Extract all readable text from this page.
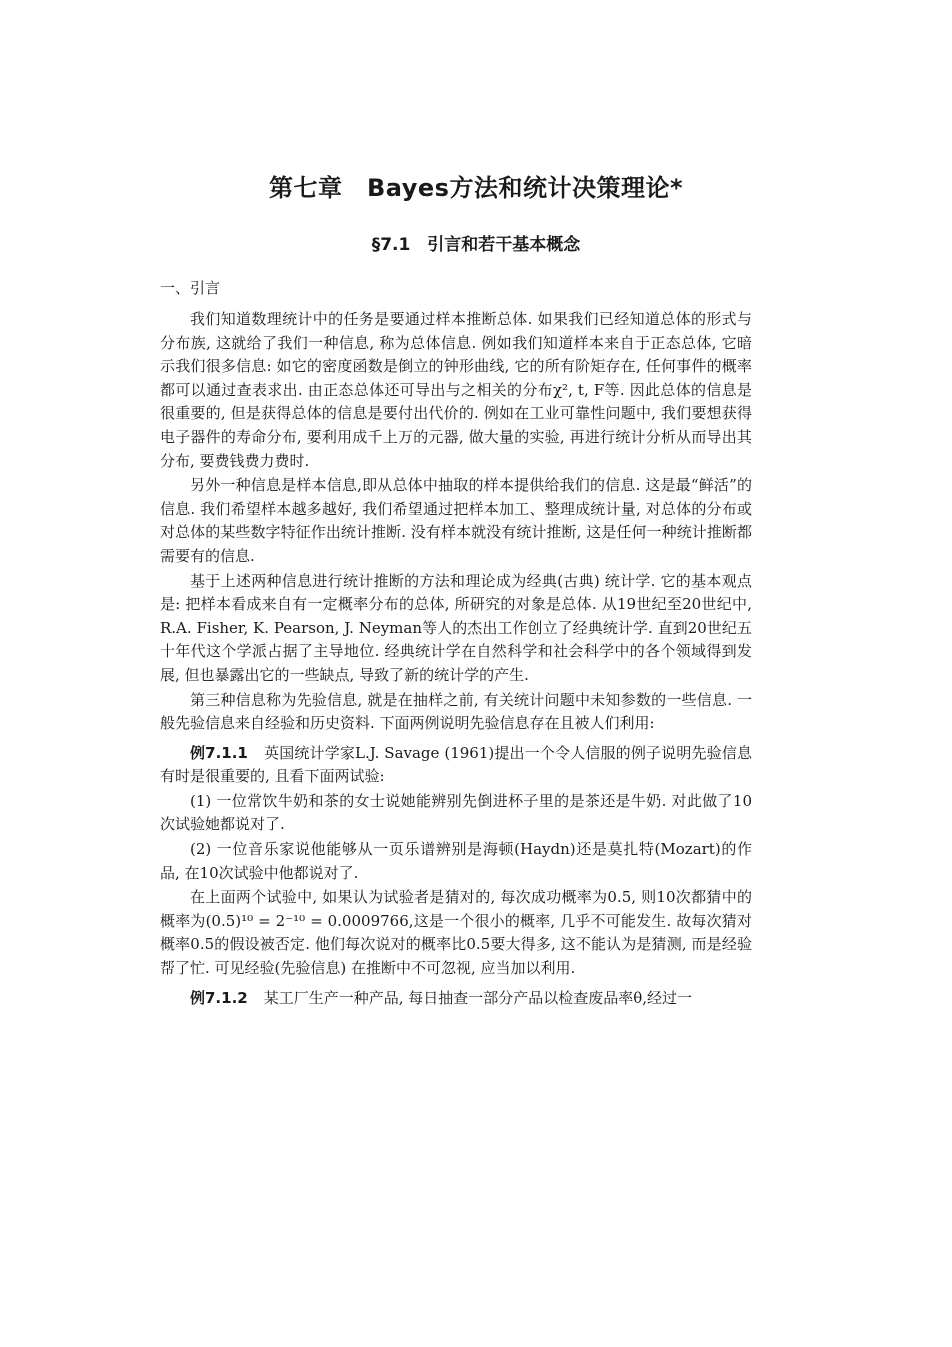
第七章　Bayes方法和统计决策理论*
§7.1　引言和若干基本概念
一、引言

我们知道数理统计中的任务是要通过样本推断总体. 如果我们已经知道总体的形式与分布族, 这就给了我们一种信息, 称为总体信息. 例如我们知道样本来自于正态总体, 它暗示我们很多信息: 如它的密度函数是倒立的钟形曲线, 它的所有阶矩存在, 任何事件的概率都可以通过查表求出. 由正态总体还可导出与之相关的分布χ², t, F等. 因此总体的信息是很重要的, 但是获得总体的信息是要付出代价的. 例如在工业可靠性问题中, 我们要想获得电子器件的寿命分布, 要利用成千上万的元器, 做大量的实验, 再进行统计分析从而导出其分布, 要费钱费力费时.

另外一种信息是样本信息,即从总体中抽取的样本提供给我们的信息. 这是最“鲜活”的信息. 我们希望样本越多越好, 我们希望通过把样本加工、整理成统计量, 对总体的分布或对总体的某些数字特征作出统计推断. 没有样本就没有统计推断, 这是任何一种统计推断都需要有的信息.

基于上述两种信息进行统计推断的方法和理论成为经典(古典) 统计学. 它的基本观点是: 把样本看成来自有一定概率分布的总体, 所研究的对象是总体. 从19世纪至20世纪中, R.A. Fisher, K. Pearson, J. Neyman等人的杰出工作创立了经典统计学. 直到20世纪五十年代这个学派占据了主导地位. 经典统计学在自然科学和社会科学中的各个领域得到发展, 但也暴露出它的一些缺点, 导致了新的统计学的产生.

第三种信息称为先验信息, 就是在抽样之前, 有关统计问题中未知参数的一些信息. 一般先验信息来自经验和历史资料. 下面两例说明先验信息存在且被人们利用:

例7.1.1 英国统计学家L.J. Savage (1961)提出一个令人信服的例子说明先验信息有时是很重要的, 且看下面两试验:

(1) 一位常饮牛奶和茶的女士说她能辨别先倒进杯子里的是茶还是牛奶. 对此做了10次试验她都说对了.

(2) 一位音乐家说他能够从一页乐谱辨别是海顿(Haydn)还是莫扎特(Mozart)的作品, 在10次试验中他都说对了.

在上面两个试验中, 如果认为试验者是猜对的, 每次成功概率为0.5, 则10次都猜中的概率为(0.5)¹⁰ = 2⁻¹⁰ = 0.0009766,这是一个很小的概率, 几乎不可能发生. 故每次猜对概率0.5的假设被否定. 他们每次说对的概率比0.5要大得多, 这不能认为是猜测, 而是经验帮了忙. 可见经验(先验信息) 在推断中不可忽视, 应当加以利用.

例7.1.2 某工厂生产一种产品, 每日抽查一部分产品以检查废品率θ,经过一
